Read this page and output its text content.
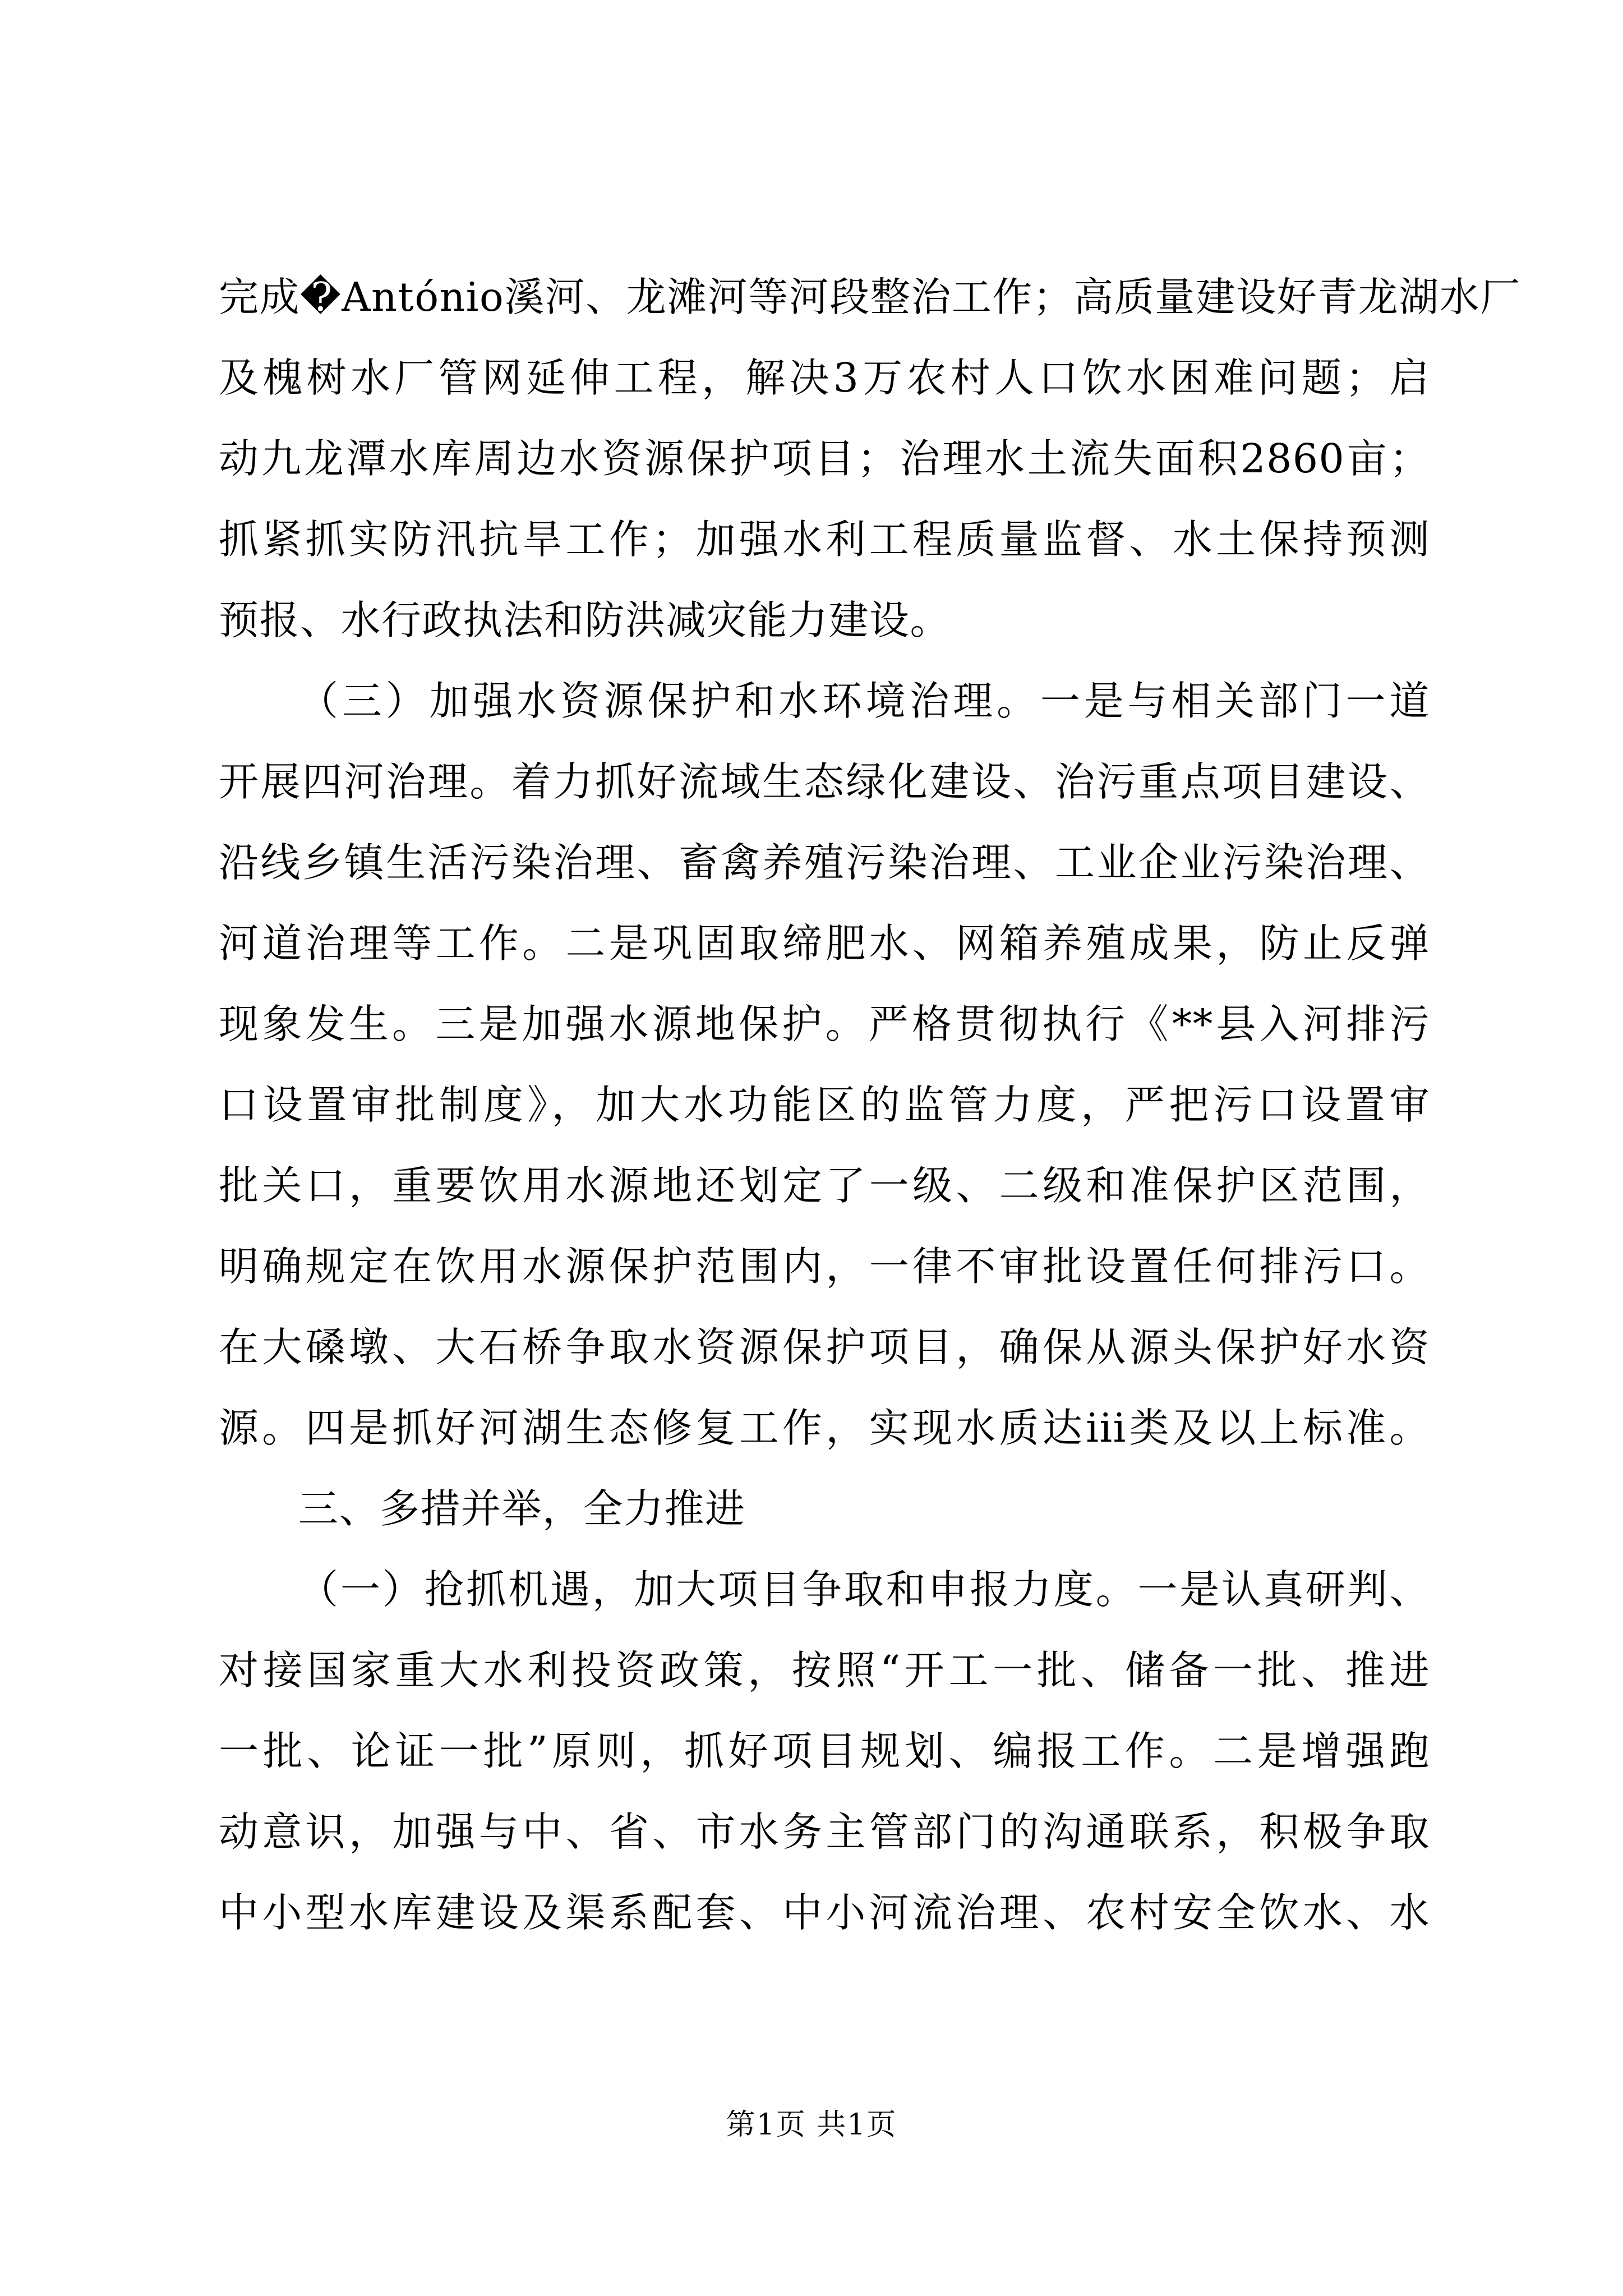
完成�António溪河、龙滩河等河段整治工作；高质量建设好青龙湖水厂
及槐树水厂管网延伸工程，解决3万农村人口饮水困难问题；启
动九龙潭水库周边水资源保护项目；治理水土流失面积2860亩；
抓紧抓实防汛抗旱工作；加强水利工程质量监督、水土保持预测
预报、水行政执法和防洪减灾能力建设。
（三）加强水资源保护和水环境治理。一是与相关部门一道
开展四河治理。着力抓好流域生态绿化建设、治污重点项目建设、
沿线乡镇生活污染治理、畜禽养殖污染治理、工业企业污染治理、
河道治理等工作。二是巩固取缔肥水、网箱养殖成果，防止反弹
现象发生。三是加强水源地保护。严格贯彻执行《**县入河排污
口设置审批制度》，加大水功能区的监管力度，严把污口设置审
批关口，重要饮用水源地还划定了一级、二级和准保护区范围，
明确规定在饮用水源保护范围内，一律不审批设置任何排污口。
在大磉墩、大石桥争取水资源保护项目，确保从源头保护好水资
源。四是抓好河湖生态修复工作，实现水质达iii类及以上标准。
三、多措并举，全力推进
（一）抢抓机遇，加大项目争取和申报力度。一是认真研判、
对接国家重大水利投资政策，按照“开工一批、储备一批、推进
一批、论证一批”原则，抓好项目规划、编报工作。二是增强跑
动意识，加强与中、省、市水务主管部门的沟通联系，积极争取
中小型水库建设及渠系配套、中小河流治理、农村安全饮水、水
第1页 共1页
